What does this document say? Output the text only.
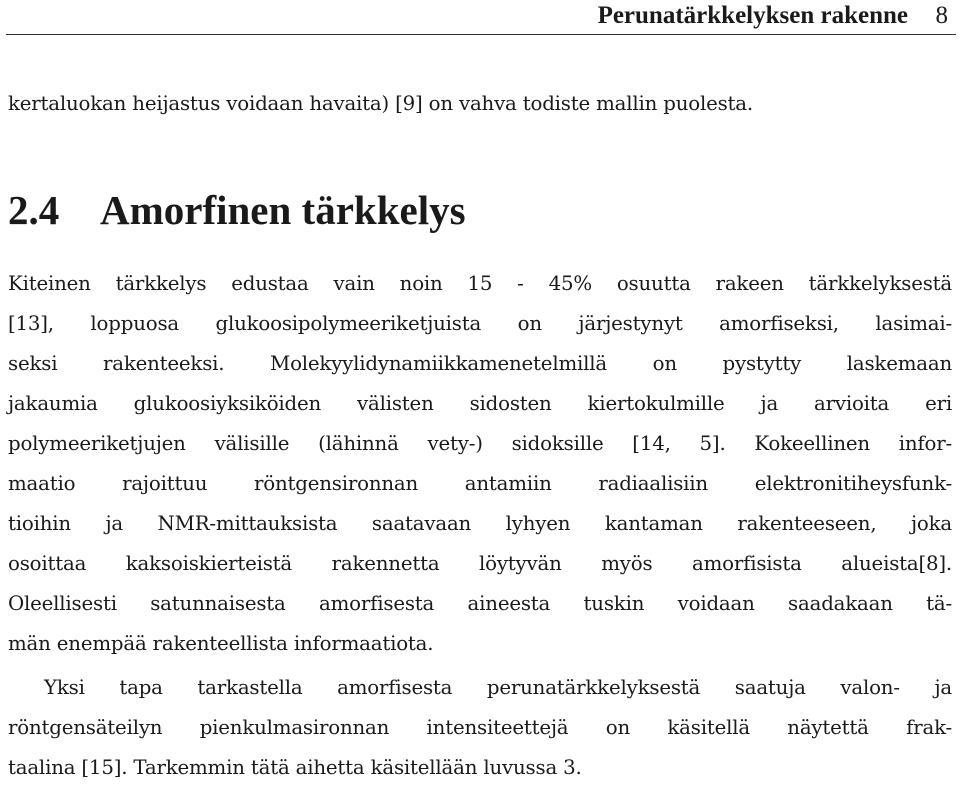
Perunatärkkelyksen rakenne 8
kertaluokan heijastus voidaan havaita) [9] on vahva todiste mallin puolesta.
2.4 Amorfinen tärkkelys
Kiteinen tärkkelys edustaa vain noin 15 - 45% osuutta rakeen tärkkelyksestä
[13], loppuosa glukoosipolymeeriketjuista on järjestynyt amorfiseksi, lasimai-
seksi rakenteeksi. Molekyylidynamiikkamenetelmillä on pystytty laskemaan
jakaumia glukoosiyksiköiden välisten sidosten kiertokulmille ja arvioita eri
polymeeriketjujen välisille (lähinnä vety-) sidoksille [14, 5]. Kokeellinen infor-
maatio rajoittuu röntgensironnan antamiin radiaalisiin elektronitiheysfunk-
tioihin ja NMR-mittauksista saatavaan lyhyen kantaman rakenteeseen, joka
osoittaa kaksoiskierteistä rakennetta löytyvän myös amorfisista alueista[8].
Oleellisesti satunnaisesta amorfisesta aineesta tuskin voidaan saadakaan tä-
män enempää rakenteellista informaatiota.
Yksi tapa tarkastella amorfisesta perunatärkkelyksestä saatuja valon- ja
röntgensäteilyn pienkulmasironnan intensiteettejä on käsitellä näytettä frak-
taalina [15]. Tarkemmin tätä aihetta käsitellään luvussa 3.
